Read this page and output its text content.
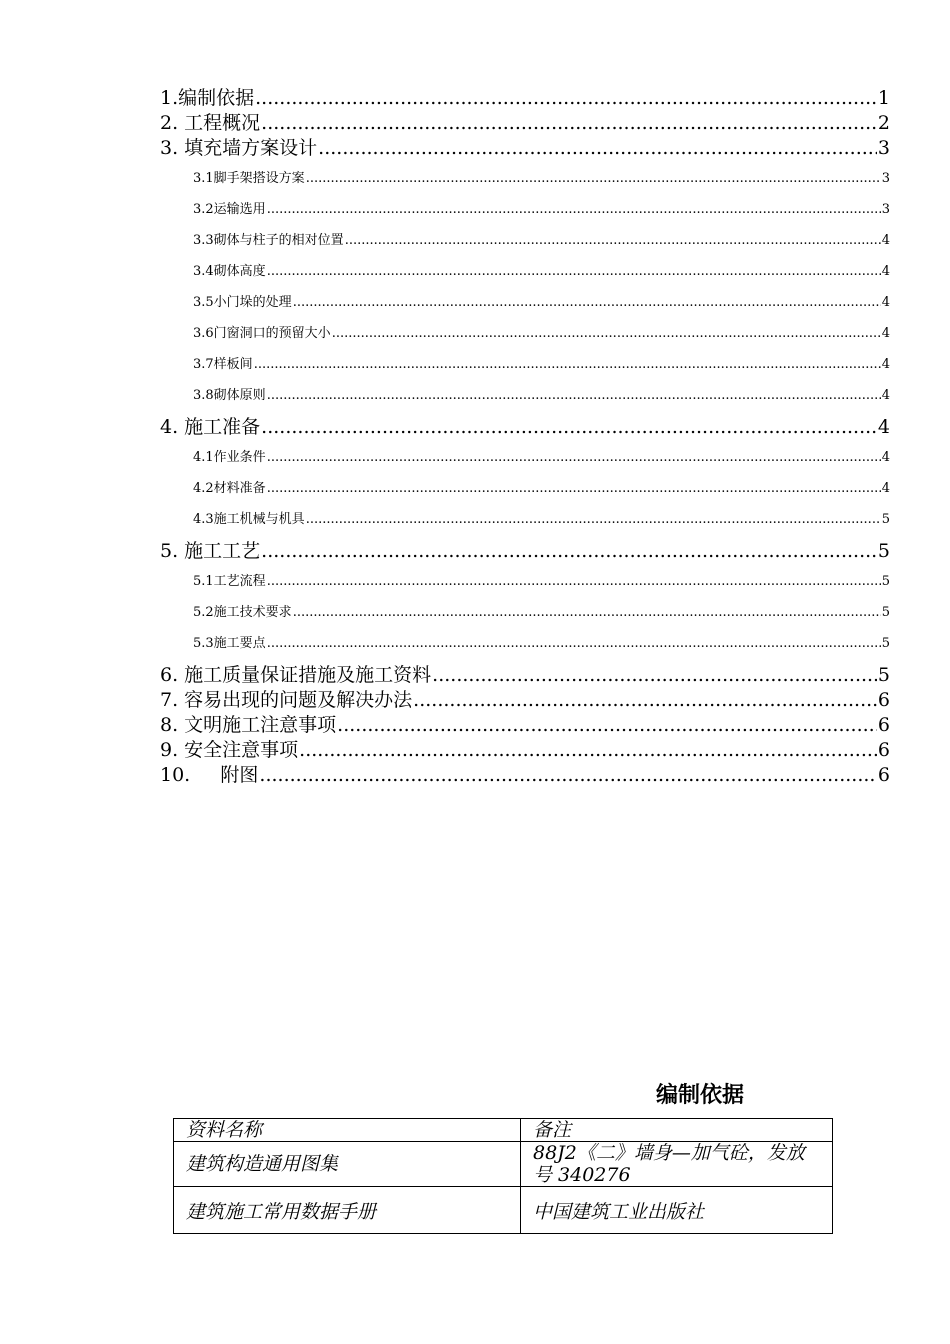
1.编制依据 .....	1
2. 工程概况 .....	2
3. 填充墙方案设计 .....	3
3.1脚手架搭设方案 .....	3
3.2运输选用 .....	3
3.3砌体与柱子的相对位置 .....	4
3.4砌体高度 .....	4
3.5小门垛的处理 .....	4
3.6门窗洞口的预留大小 .....	4
3.7样板间 .....	4
3.8砌体原则 .....	4
4. 施工准备 .....	4
4.1作业条件 .....	4
4.2材料准备 .....	4
4.3施工机械与机具 .....	5
5. 施工工艺 .....	5
5.1工艺流程 .....	5
5.2施工技术要求 .....	5
5.3施工要点 .....	5
6. 施工质量保证措施及施工资料 .....	5
7. 容易出现的问题及解决办法 .....	6
8. 文明施工注意事项 .....	6
9. 安全注意事项 .....	6
10.     附图 .....	6
编制依据
资料名称	备注
建筑构造通用图集	88J2《二》墙身—加气砼，发放号 340276
建筑施工常用数据手册	中国建筑工业出版社
